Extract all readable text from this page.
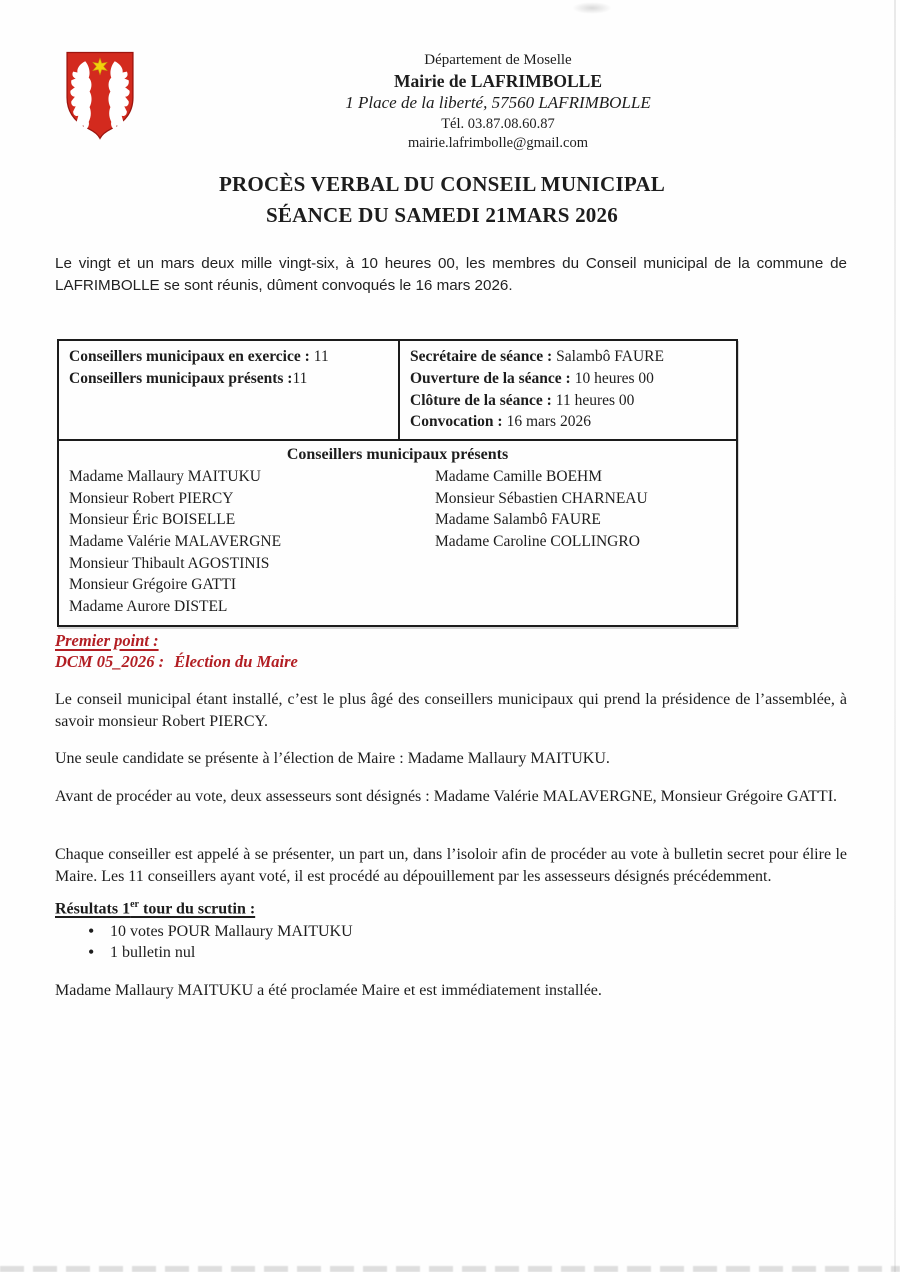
Département de Moselle
Mairie de LAFRIMBOLLE
1 Place de la liberté, 57560 LAFRIMBOLLE
Tél. 03.87.08.60.87
mairie.lafrimbolle@gmail.com
PROCÈS VERBAL DU CONSEIL MUNICIPAL
SÉANCE DU SAMEDI 21MARS 2026
Le vingt et un mars deux mille vingt-six, à 10 heures 00, les membres du Conseil municipal de la commune de LAFRIMBOLLE se sont réunis, dûment convoqués le 16 mars 2026.
Conseillers municipaux en exercice : 11
Conseillers municipaux présents :11
Secrétaire de séance : Salambô FAURE
Ouverture de la séance : 10 heures 00
Clôture de la séance : 11 heures 00
Convocation : 16 mars 2026
Conseillers municipaux présents
Madame Mallaury MAITUKU
Monsieur Robert PIERCY
Monsieur Éric BOISELLE
Madame Valérie MALAVERGNE
Monsieur Thibault AGOSTINIS
Monsieur Grégoire GATTI
Madame Aurore DISTEL
Madame Camille BOEHM
Monsieur Sébastien CHARNEAU
Madame Salambô FAURE
Madame Caroline COLLINGRO
Premier point :
DCM 05_2026 : Élection du Maire
Le conseil municipal étant installé, c’est le plus âgé des conseillers municipaux qui prend la présidence de l’assemblée, à savoir monsieur Robert PIERCY.
Une seule candidate se présente à l’élection de Maire : Madame Mallaury MAITUKU.
Avant de procéder au vote, deux assesseurs sont désignés : Madame Valérie MALAVERGNE, Monsieur Grégoire GATTI.
Chaque conseiller est appelé à se présenter, un part un, dans l’isoloir afin de procéder au vote à bulletin secret pour élire le Maire. Les 11 conseillers ayant voté, il est procédé au dépouillement par les assesseurs désignés précédemment.
Résultats 1er tour du scrutin :
• 10 votes POUR Mallaury MAITUKU
• 1 bulletin nul
Madame Mallaury MAITUKU a été proclamée Maire et est immédiatement installée.
